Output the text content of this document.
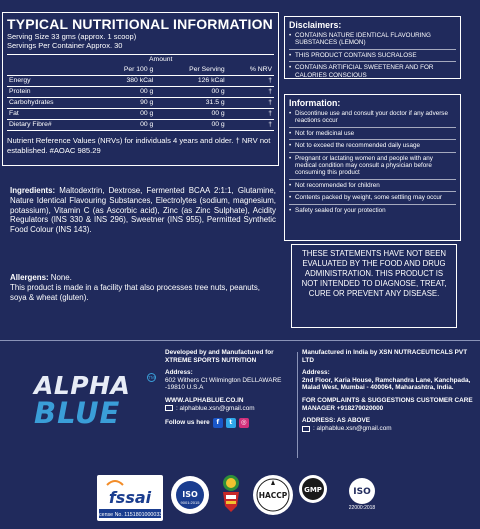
TYPICAL NUTRITIONAL INFORMATION
Serving Size 33 gms (approx. 1 scoop)
Servings Per Container Approx. 30
	Amount		
	Per 100 g	Per Serving	% NRV
Energy	380 kCal	126 kCal	†
Protein	00 g	00 g	†
Carbohydrates	90 g	31.5 g	†
Fat	00 g	00 g	†
Dietary Fibre#	00 g	00 g	†
Nutrient Reference Values (NRVs) for individuals 4 years and older. † NRV not established. #AOAC 985.29
Disclaimers:
• CONTAINS NATURE IDENTICAL FLAVOURING SUBSTANCES (LEMON)
• THIS PRODUCT CONTAINS SUCRALOSE
• CONTAINS ARTIFICIAL SWEETENER AND FOR CALORIES CONSCIOUS
Information:
• Discontinue use and consult your doctor if any adverse reactions occur
• Not for medicinal use
• Not to exceed the recommended daily usage
• Pregnant or lactating women and people with any medical condition may consult a physician before consuming this product
• Not recommended for children
• Contents packed by weight, some settling may occur
• Safety sealed for your protection
THESE STATEMENTS HAVE NOT BEEN EVALUATED BY THE FOOD AND DRUG ADMINISTRATION. THIS PRODUCT IS NOT INTENDED TO DIAGNOSE, TREAT, CURE OR PREVENT ANY DISEASE.
Ingredients: Maltodextrin, Dextrose, Fermented BCAA 2:1:1, Glutamine, Nature Identical Flavouring Substances, Electrolytes (sodium, magnesium, potassium), Vitamin C (as Ascorbic acid), Zinc (as Zinc Sulphate), Acidity Regulators (INS 330 & INS 296), Sweetner (INS 955), Permitted Synthetic Food Colour (INS 143).
Allergens: None.
This product is made in a facility that also processes tree nuts, peanuts, soya & wheat (gluten).
ALPHA
BLUE
TM

Developed by and Manufactured for XTREME SPORTS NUTRITION

Address:
602 Withers Ct Wilmington DELLAWARE -19810 U.S.A

WWW.ALPHABLUE.CO.IN
: alphablue.xsn@gmail.com
Follow us here	f	t	◎

Manufactured in India by XSN NUTRACEUTICALS PVT LTD

Address:
2nd Floor, Karia House, Ramchandra Lane, Kanchpada, Malad West, Mumbai - 400064, Maharashtra, India.

FOR COMPLAINTS & SUGGESTIONS CUSTOMER CARE MANAGER +918279020000

ADDRESS: AS ABOVE
: alphablue.xsn@gmail.com
fssai
License No. 11518010000339
ISO
9001:2015
HACCP
GMP	ISO
22000:2018
